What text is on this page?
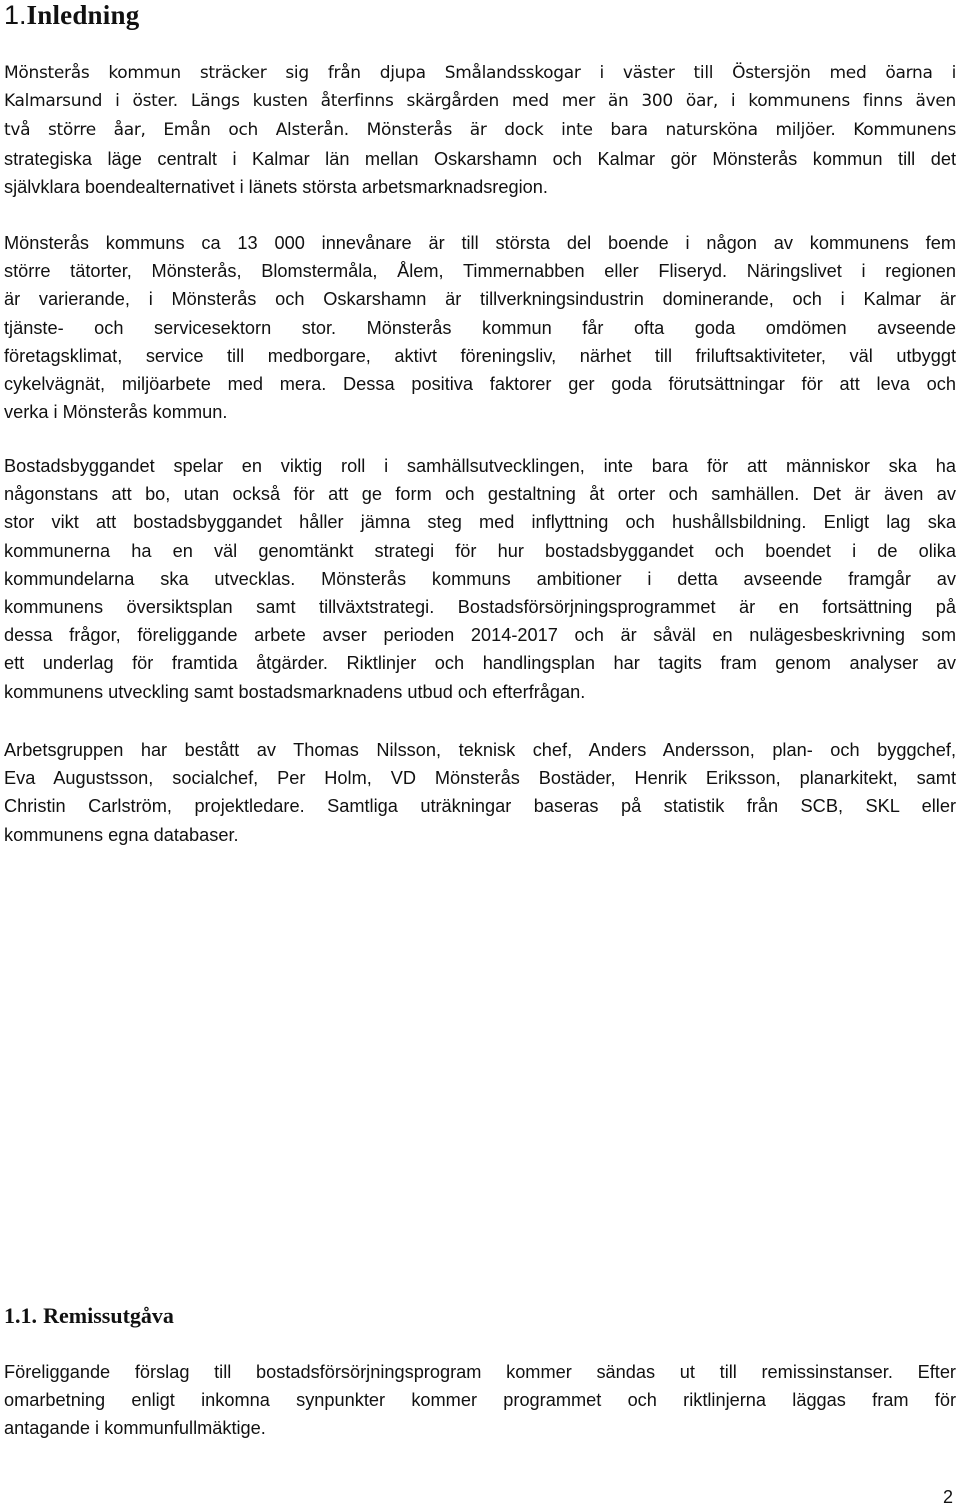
1.Inledning

Mönsterås kommun sträcker sig från djupa Smålandsskogar i väster till Östersjön med öarna i
Kalmarsund i öster. Längs kusten återfinns skärgården med mer än 300 öar, i kommunens finns även
två större åar, Emån och Alsterån. Mönsterås är dock inte bara natursköna miljöer. Kommunens
strategiska läge centralt i Kalmar län mellan Oskarshamn och Kalmar gör Mönsterås kommun till det
självklara boendealternativet i länets största arbetsmarknadsregion.

Mönsterås kommuns ca 13 000 innevånare är till största del boende i någon av kommunens fem
större tätorter, Mönsterås, Blomstermåla, Ålem, Timmernabben eller Fliseryd. Näringslivet i regionen
är varierande, i Mönsterås och Oskarshamn är tillverkningsindustrin dominerande, och i Kalmar är
tjänste- och servicesektorn stor. Mönsterås kommun får ofta goda omdömen avseende
företagsklimat, service till medborgare, aktivt föreningsliv, närhet till friluftsaktiviteter, väl utbyggt
cykelvägnät, miljöarbete med mera. Dessa positiva faktorer ger goda förutsättningar för att leva och
verka i Mönsterås kommun.

Bostadsbyggandet spelar en viktig roll i samhällsutvecklingen, inte bara för att människor ska ha
någonstans att bo, utan också för att ge form och gestaltning åt orter och samhällen. Det är även av
stor vikt att bostadsbyggandet håller jämna steg med inflyttning och hushållsbildning. Enligt lag ska
kommunerna ha en väl genomtänkt strategi för hur bostadsbyggandet och boendet i de olika
kommundelarna ska utvecklas. Mönsterås kommuns ambitioner i detta avseende framgår av
kommunens översiktsplan samt tillväxtstrategi. Bostadsförsörjningsprogrammet är en fortsättning på
dessa frågor, föreliggande arbete avser perioden 2014-2017 och är såväl en nulägesbeskrivning som
ett underlag för framtida åtgärder. Riktlinjer och handlingsplan har tagits fram genom analyser av
kommunens utveckling samt bostadsmarknadens utbud och efterfrågan.

Arbetsgruppen har bestått av Thomas Nilsson, teknisk chef, Anders Andersson, plan- och byggchef,
Eva Augustsson, socialchef, Per Holm, VD Mönsterås Bostäder, Henrik Eriksson, planarkitekt, samt
Christin Carlström, projektledare. Samtliga uträkningar baseras på statistik från SCB, SKL eller
kommunens egna databaser.

1.1. Remissutgåva

Föreliggande förslag till bostadsförsörjningsprogram kommer sändas ut till remissinstanser. Efter
omarbetning enligt inkomna synpunkter kommer programmet och riktlinjerna läggas fram för
antagande i kommunfullmäktige.

2
